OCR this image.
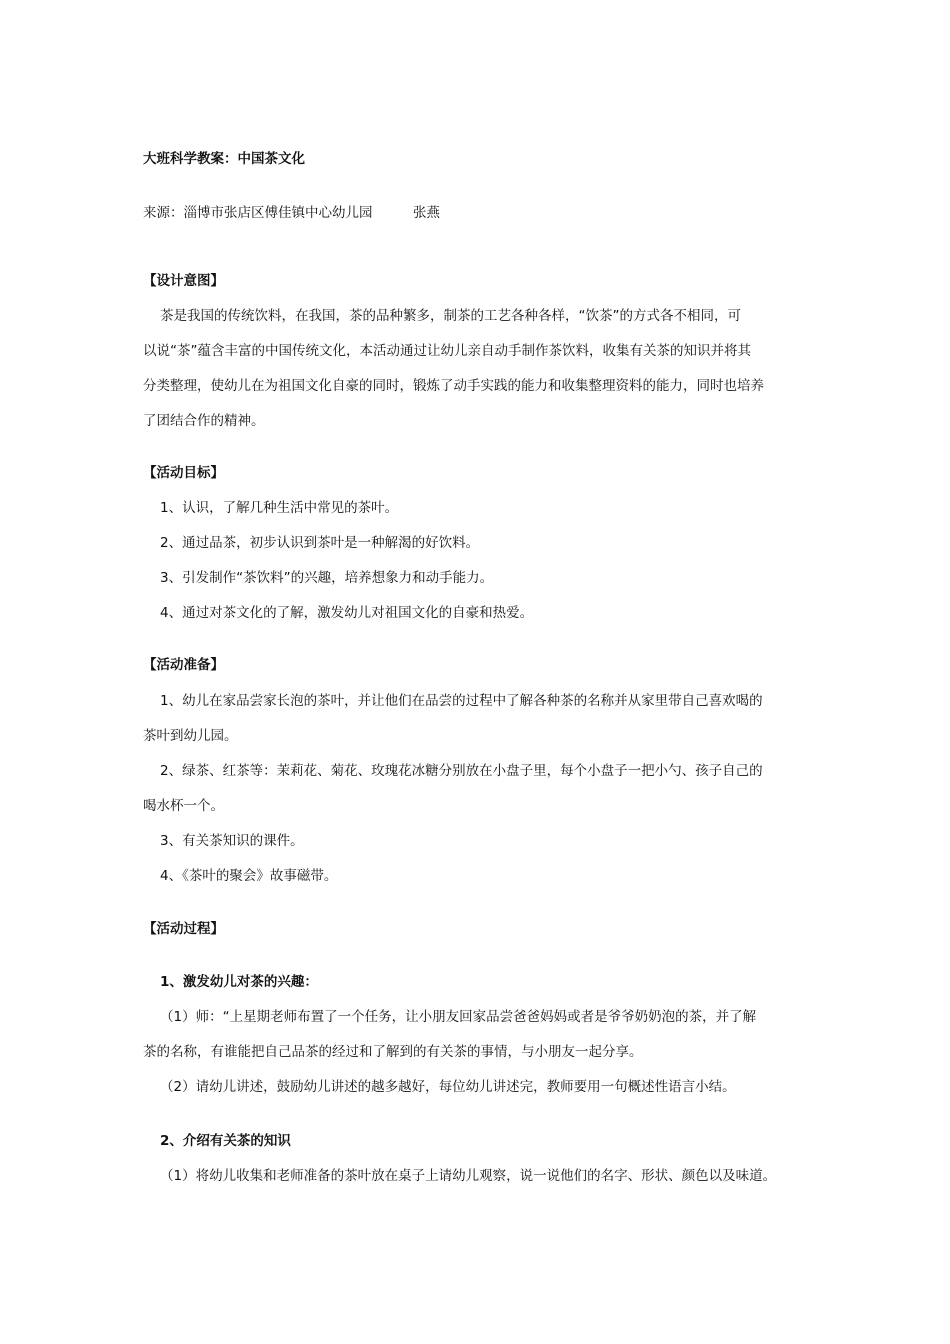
大班科学教案：中国茶文化
来源：淄博市张店区傅佳镇中心幼儿园　　　张燕
【设计意图】
茶是我国的传统饮料，在我国，茶的品种繁多，制茶的工艺各种各样，“饮茶”的方式各不相同，可
以说“茶”蕴含丰富的中国传统文化，本活动通过让幼儿亲自动手制作茶饮料，收集有关茶的知识并将其
分类整理，使幼儿在为祖国文化自豪的同时，锻炼了动手实践的能力和收集整理资料的能力，同时也培养
了团结合作的精神。
【活动目标】
1、认识，了解几种生活中常见的茶叶。
2、通过品茶，初步认识到茶叶是一种解渴的好饮料。
3、引发制作“茶饮料”的兴趣，培养想象力和动手能力。
4、通过对茶文化的了解，激发幼儿对祖国文化的自豪和热爱。
【活动准备】
1、幼儿在家品尝家长泡的茶叶，并让他们在品尝的过程中了解各种茶的名称并从家里带自己喜欢喝的
茶叶到幼儿园。
2、绿茶、红茶等：茉莉花、菊花、玫瑰花冰糖分别放在小盘子里，每个小盘子一把小勺、孩子自己的
喝水杯一个。
3、有关茶知识的课件。
4、《茶叶的聚会》故事磁带。
【活动过程】
1、激发幼儿对茶的兴趣：
（1）师：“上星期老师布置了一个任务，让小朋友回家品尝爸爸妈妈或者是爷爷奶奶泡的茶，并了解
茶的名称，有谁能把自己品茶的经过和了解到的有关茶的事情，与小朋友一起分享。
（2）请幼儿讲述，鼓励幼儿讲述的越多越好，每位幼儿讲述完，教师要用一句概述性语言小结。
2、介绍有关茶的知识
（1）将幼儿收集和老师准备的茶叶放在桌子上请幼儿观察，说一说他们的名字、形状、颜色以及味道。
